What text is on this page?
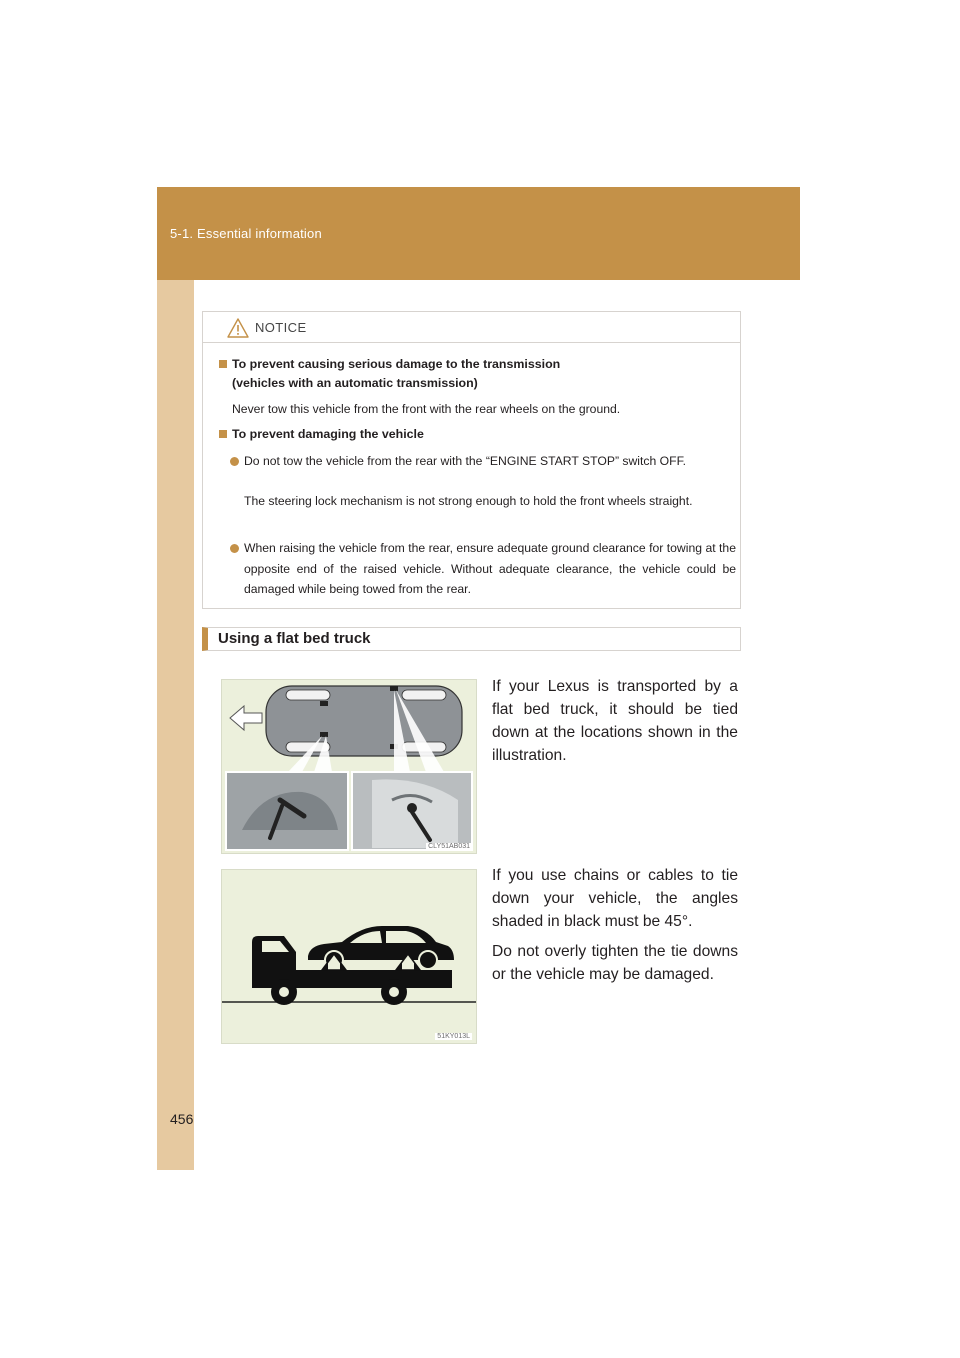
5-1. Essential information
NOTICE
To prevent causing serious damage to the transmission
(vehicles with an automatic transmission)
Never tow this vehicle from the front with the rear wheels on the ground.
To prevent damaging the vehicle
Do not tow the vehicle from the rear with the “ENGINE START STOP” switch OFF.
The steering lock mechanism is not strong enough to hold the front wheels straight.
When raising the vehicle from the rear, ensure adequate ground clearance for towing at the opposite end of the raised vehicle. Without adequate clearance, the vehicle could be damaged while being towed from the rear.
Using a flat bed truck
CLY51AB031
51KY013L
If your Lexus is transported by a flat bed truck, it should be tied down at the locations shown in the illustration.
If you use chains or cables to tie down your vehicle, the angles shaded in black must be 45°.
Do not overly tighten the tie downs or the vehicle may be damaged.
456
